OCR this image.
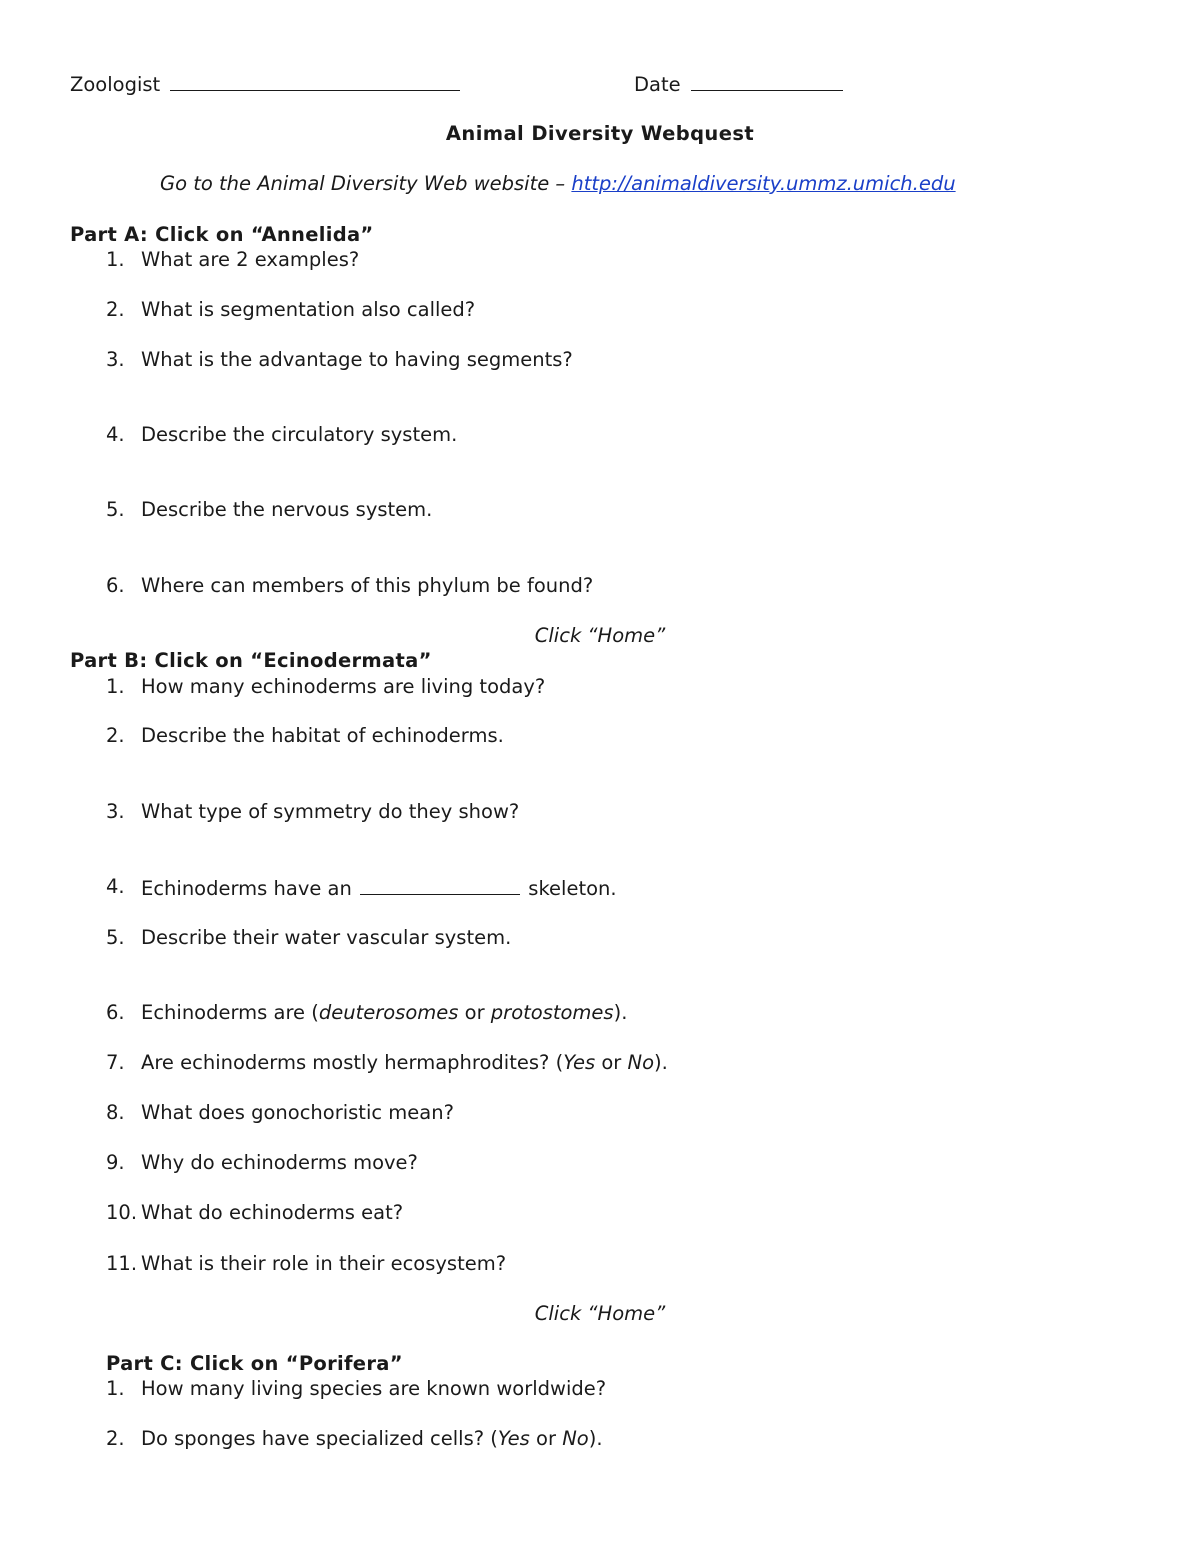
Zoologist	Date
Animal Diversity Webquest
Go to the Animal Diversity Web website – http://animaldiversity.ummz.umich.edu
Part A: Click on “Annelida”
1. What are 2 examples?
2. What is segmentation also called?
3. What is the advantage to having segments?
4. Describe the circulatory system.
5. Describe the nervous system.
6. Where can members of this phylum be found?
Click “Home”
Part B: Click on “Ecinodermata”
1. How many echinoderms are living today?
2. Describe the habitat of echinoderms.
3. What type of symmetry do they show?
4. Echinoderms have an	skeleton.
5. Describe their water vascular system.
6. Echinoderms are (deuterosomes or protostomes).
7. Are echinoderms mostly hermaphrodites? (Yes or No).
8. What does gonochoristic mean?
9. Why do echinoderms move?
10. What do echinoderms eat?
11. What is their role in their ecosystem?
Click “Home”
Part C: Click on “Porifera”
1. How many living species are known worldwide?
2. Do sponges have specialized cells? (Yes or No).
